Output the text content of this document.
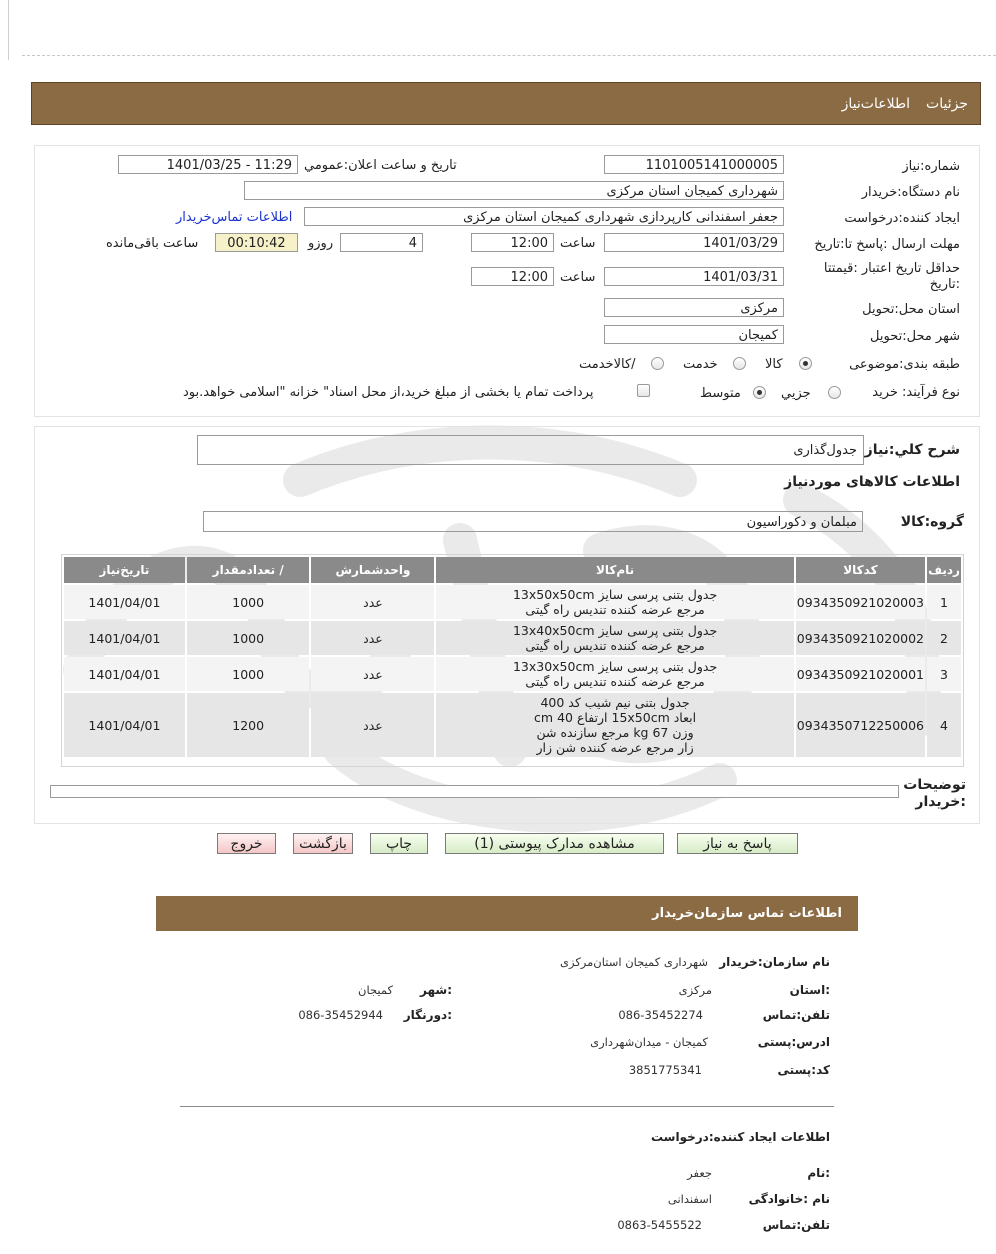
جزئیات
اطلاعات‌نیاز
شماره:نیاز
1101005141000005
تاریخ و ساعت اعلان:عمومي
1401/03/25 - 11:29
نام دستگاه:خریدار
شهرداری کمیجان استان مرکزی
ایجاد کننده:درخواست
جعفر اسفندانی کارپردازی شهرداری کمیجان استان مرکزی
اطلاعات تماس‌خریدار
مهلت ارسال :پاسخ تا:تاریخ
1401/03/29
ساعت
12:00
4
روزو
00:10:42
ساعت باقی‌مانده
حداقل تاریخ اعتبار :قیمتتا
:تاریخ
1401/03/31
ساعت
12:00
استان محل:تحویل
مرکزی
شهر محل:تحویل
کمیجان
طبقه بندی:موضوعی
کالا
خدمت
/کالاخدمت
نوع فرآیند: خرید
جزیي
متوسط
پرداخت تمام یا بخشی از مبلغ خرید،از محل اسناد" خزانه "اسلامی خواهد.بود
شرح کلي:نیاز
جدول‌گذاری
اطلاعات کالاهای موردنیاز
گروه:کالا
مبلمان و دکوراسیون
ردیف	کدکالا	نام‌کالا	واحدشمارش	/ تعدادمقدار	تاریخ‌نیاز
1	0934350921020003	جدول بتنی پرسی سایز 13x50x50cm
مرجع عرضه کننده تندیس راه گیتی	عدد	1000	1401/04/01
2	0934350921020002	جدول بتنی پرسی سایز 13x40x50cm
مرجع عرضه کننده تندیس راه گیتی	عدد	1000	1401/04/01
3	0934350921020001	جدول بتنی پرسی سایز 13x30x50cm
مرجع عرضه کننده تندیس راه گیتی	عدد	1000	1401/04/01
4	0934350712250006	جدول بتنی نیم شیب کد 400
ابعاد 15x50cm ارتفاع 40 cm
وزن 67 kg مرجع سازنده شن
زار مرجع عرضه کننده شن زار	عدد	1200	1401/04/01
توضیحات
:خریدار
پاسخ به نیاز
مشاهده مدارک پیوستی (1)
چاپ
بازگشت
خروج
اطلاعات تماس سازمان‌خریدار
نام سازمان:خریدار
شهرداری کمیجان استان‌مرکزی
:استان
مرکزی
:شهر
کمیجان
تلفن:تماس
086-35452274
:دورنگار
086-35452944
ادرس:پستی
کمیجان - میدان‌شهرداری
کد:پستی
3851775341
اطلاعات ایجاد کننده:درخواست
:نام
جعفر
نام :خانوادگی
اسفندانی
تلفن:تماس
0863-5455522
